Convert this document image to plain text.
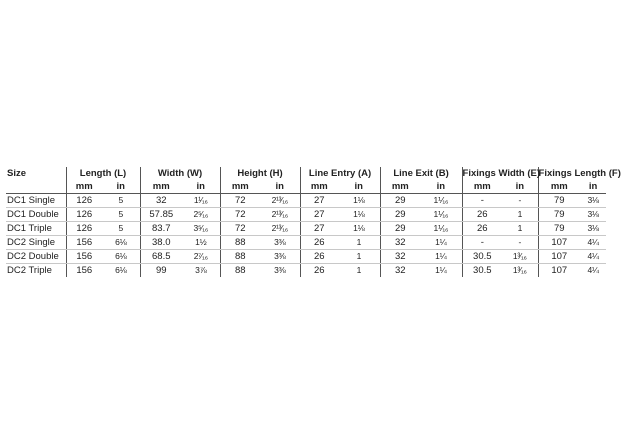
Size	Length (L)		Width (W)		Height (H)		Line Entry (A)		Line Exit (B)		Fixings Width (E)		Fixings Length (F)	
	mm	in	mm	in	mm	in	mm	in	mm	in	mm	in	mm	in
DC1 Single	126	5	32	1¹⁄₁₆	72	2¹³⁄₁₆	27	1⅛	29	1⅟₁₆	-	-	79	3⅛
DC1 Double	126	5	57.85	2⁵⁄₁₆	72	2¹³⁄₁₆	27	1⅛	29	1⅟₁₆	26	1	79	3⅛
DC1 Triple	126	5	83.7	3⁵⁄₁₆	72	2¹³⁄₁₆	27	1⅛	29	1⅟₁₆	26	1	79	3⅛
DC2 Single	156	6⅛	38.0	1½	88	3⅜	26	1	32	1¼	-	-	107	4¼
DC2 Double	156	6⅛	68.5	2⁷⁄₁₆	88	3⅜	26	1	32	1¼	30.5	1³⁄₁₆	107	4¼
DC2 Triple	156	6⅛	99	3⅞	88	3⅜	26	1	32	1¼	30.5	1³⁄₁₆	107	4¼
